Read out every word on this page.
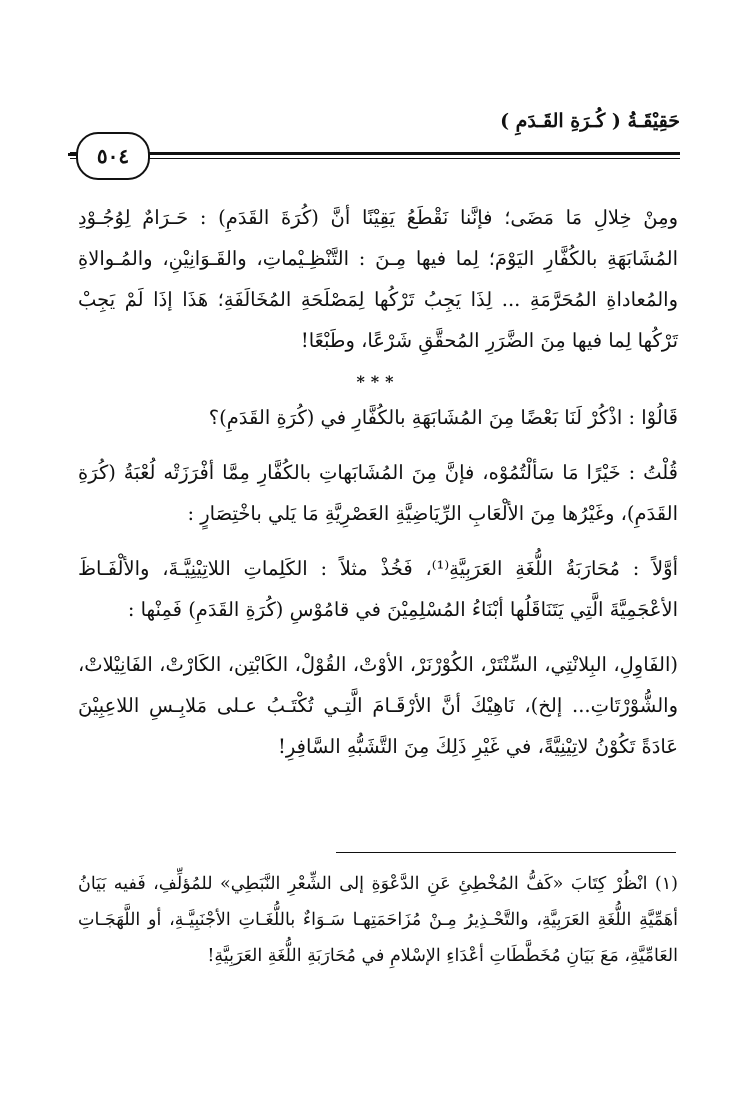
حَقِيْقَـةُ ( كُـرَةِ القَـدَمِ )
٥٠٤

ومِنْ خِلالِ مَا مَضَى؛ فإنَّنا نَقْطَعُ يَقِيْنًا أنَّ (كُرَةَ القَدَمِ) : حَـرَامٌ لِوُجُـوْدِ المُشَابَهَةِ بالكُفَّارِ اليَوْمَ؛ لِما فيها مِـنَ : التَّنْظِـيْماتِ، والقَـوَانِيْنِ، والمُـوالاةِ والمُعاداةِ المُحَرَّمَةِ ... لِذَا يَجِبُ تَرْكُها لِمَصْلَحَةِ المُخَالَفَةِ؛ هَذَا إذَا لَمْ يَجِبْ تَرْكُها لِما فيها مِنَ الضَّرَرِ المُحقَّقِ شَرْعًا، وطَبْعًا!

***

قَالُوْا : اذْكُرْ لَنَا بَعْضًا مِنَ المُشَابَهَةِ بالكُفَّارِ في (كُرَةِ القَدَمِ)؟

قُلْتُ : خَيْرًا مَا سَألْتُمُوْه، فإنَّ مِنَ المُشَابَهاتِ بالكُفَّارِ مِمَّا أفْرَزَتْه لُعْبَةُ (كُرَةِ القَدَمِ)، وغَيْرُها مِنَ الألْعَابِ الرِّيَاضِيَّةِ العَصْرِيَّةِ مَا يَلي باخْتِصَارٍ :

أوَّلاً : مُحَارَبَةُ اللُّغَةِ العَرَبِيَّةِ⁽¹⁾، فَخُذْ مثلاً : الكَلِماتِ اللاتِيْنِيَّـةَ، والألْفَـاظَ الأعْجَمِيَّةَ الَّتِي يَتَنَاقَلُها أبْنَاءُ المُسْلِمِيْنَ في قامُوْسِ (كُرَةِ القَدَمِ) فَمِنْها :

(الفَاوِلِ، البِلانْتِي، السِّنْتَرْ، الكُوْرْنَرْ، الأوْتْ، القُوْلْ، الكَابْتِن، الكَارْتْ، الفَانِيْلاتْ، والشُّوْرْتَاتِ... إلخ)، نَاهِيْكَ أنَّ الأرْقَـامَ الَّتِـي تُكْتَـبُ عـلى مَلابِـسِ اللاعِبِيْنَ عَادَةً تَكُوْنُ لاتِيْنِيَّةً، في غَيْرِ ذَلِكَ مِنَ التَّشَبُّهِ السَّافِرِ!

(١) انْظُرْ كِتَابَ «كَفُّ المُخْطِئِ عَنِ الدَّعْوَةِ إلى الشِّعْرِ النَّبَطِي» للمُؤلِّفِ، فَفيه بَيَانُ أهَمِّيَّةِ اللُّغَةِ العَرَبِيَّةِ، والتَّحْـذِيرُ مِـنْ مُزَاحَمَتِهـا سَـوَاءٌ باللُّغَـاتِ الأجْنَبِيَّـةِ، أو اللَّهَجَـاتِ العَامِّيَّةِ، مَعَ بَيَانِ مُخَطَّطَاتِ أعْدَاءِ الإسْلامِ في مُحَارَبَةِ اللُّغَةِ العَرَبِيَّةِ!
